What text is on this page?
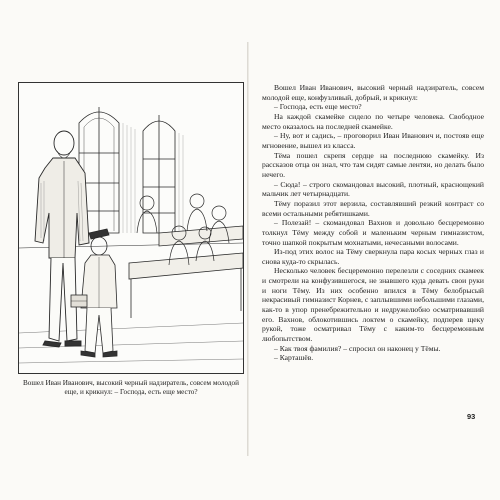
Вошел Иван Иванович, высокий черный надзиратель, совсем молодой еще, и крикнул: – Господа, есть еще место?

Вошел Иван Иванович, высокий черный надзиратель, совсем молодой еще, конфузливый, добрый, и крикнул:

– Господа, есть еще место?

На каждой скамейке сидело по четыре человека. Свободное место оказалось на последней скамейке.

– Ну, вот и садись, – проговорил Иван Иванович и, постояв еще мгновение, вышел из класса.

Тёма пошел скрепя сердце на последнюю скамейку. Из рассказов отца он знал, что там сидят самые лентяи, но делать было нечего.

– Сюда! – строго скомандовал высокий, плотный, краснощекий мальчик лет четырнадцати.

Тёму поразил этот верзила, составлявший резкий контраст со всеми остальными ребятишками.

– Полезай! – скомандовал Вахнов и довольно бесцеремонно толкнул Тёму между собой и маленьким черным гимназистом, точно шапкой покрытым мохнатыми, нечесаными волосами.

Из-под этих волос на Тёму сверкнула пара косых черных глаз и снова куда-то скрылась.

Несколько человек бесцеремонно перелезли с соседних скамеек и смотрели на конфузившегося, не знавшего куда девать свои руки и ноги Тёму. Из них особенно впился в Тёму белобрысый некрасивый гимназист Корнев, с заплывшими небольшими глазами, как-то в упор пренебрежительно и недружелюбно осматривавший его. Вахнов, облокотившись локтем о скамейку, подперев щеку рукой, тоже осматривал Тёму с каким-то бесцеремонным любопытством.

– Как твоя фамилия? – спросил он наконец у Тёмы.

– Карташёв.

93
